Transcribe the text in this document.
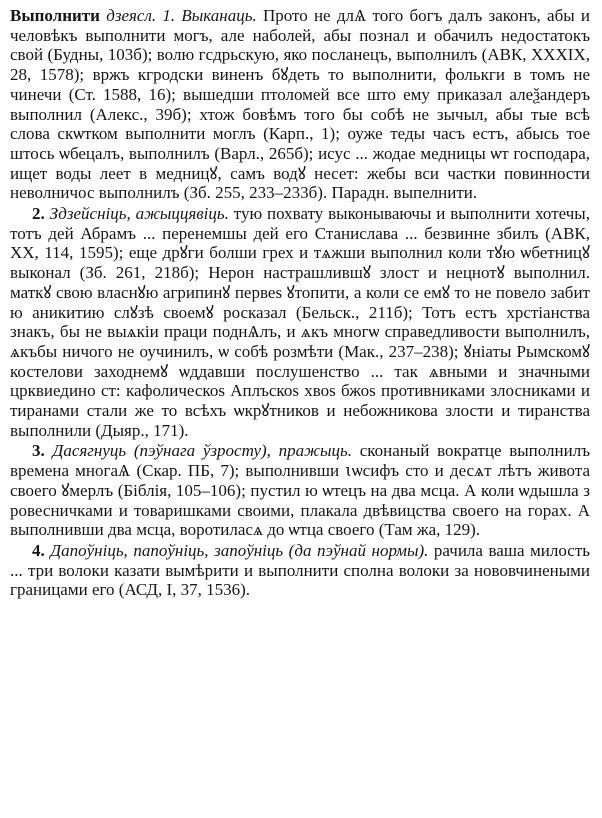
Выполнити дзеясл. 1. Выканаць. Прото не длѦ того богъ далъ законъ, абы и человѣкъ выполнити могъ, але наболей, абы познал и обачилъ недостатокъ свой (Будны, 103б); волю гсдрьскую, яко посланецъ, выполнилъ (АВК, XXXIX, 28, 1578); вржъ кгродски виненъ бꙋдеть то выполнити, фолькги в томъ не чинечи (Ст. 1588, 16); вышедши птоломей все што ему приказал алеѯандеръ выполнил (Алекс., 39б); хтож бовѣмъ того бы собѣ не зычыл, абы тые всѣ слова скѡтком выполнити моглъ (Карп., 1); оуже теды часъ естъ, абысь тое штось ѡбецалъ, выполнилъ (Варл., 265б); исус ... жодае медницы ѡт господара, ищет воды леет в медницꙋ, самъ водꙋ несет: жебы вси частки повинности неволничос выполнилъ (Зб. 255, 233–233б). Парадн. выпелнити.

2. Здзейсніць, ажыццявіць. тую похвату выконываючы и выполнити хотечы, тотъ дей Абрамъ ... перенемшы дей его Станислава ... безвинне збилъ (АВК, XX, 114, 1595); еще дрꙋги болши грех и тѧжши выполнил коли тꙋю ѡбетницꙋ выконал (Зб. 261, 218б); Нерон настрашлившꙋ злост и нецнотꙋ выполнил. маткꙋ свою власнꙋю агрипинꙋ первеѕ ꙋтопити, а коли се емꙋ то не повело забит ю аникитию слꙋзѣ своемꙋ росказал (Бельск., 211б); Тотъ естъ хрстіанства знакъ, бы не выѧкіи праци поднѦлъ, и ѧкъ многѡ справедливости выполнилъ, ѧкъбы ничого не оучинилъ, ѡ собѣ розмѣти (Мак., 237–238); ꙋніаты Рымскомꙋ костелови заходнемꙋ ѡддавши послушенство ... так ѧвными и значными црквиедино ст: кафолическоѕ Аплъскоѕ хвоѕ бжоѕ противниками злосниками и тиранами стали же то всѣхъ ѡкрꙋтников и небожникова злости и тиранства выполнили (Дыяр., 171).

3. Дасягнуць (пэўнага ўзросту), пражыць. сконаный вократце выполнилъ времена многаѦ (Скар. ПБ, 7); выполнивши ꙇѡсифъ сто и десѧт лѣтъ живота своего ꙋмерлъ (Біблія, 105–106); пустил ю ѡтецъ на два мсца. А коли ѡдышла з ровесничками и товаришками своими, плакала двѣвицства своего на горах. А выполнивши два мсца, воротиласѧ до ѡтца своего (Там жа, 129).

4. Дапоўніць, папоўніць, запоўніць (да пэўнай нормы). рачила ваша милость ... три волоки казати вымѣрити и выполнити сполна волоки за нововчинеными границами его (АСД, I, 37, 1536).
